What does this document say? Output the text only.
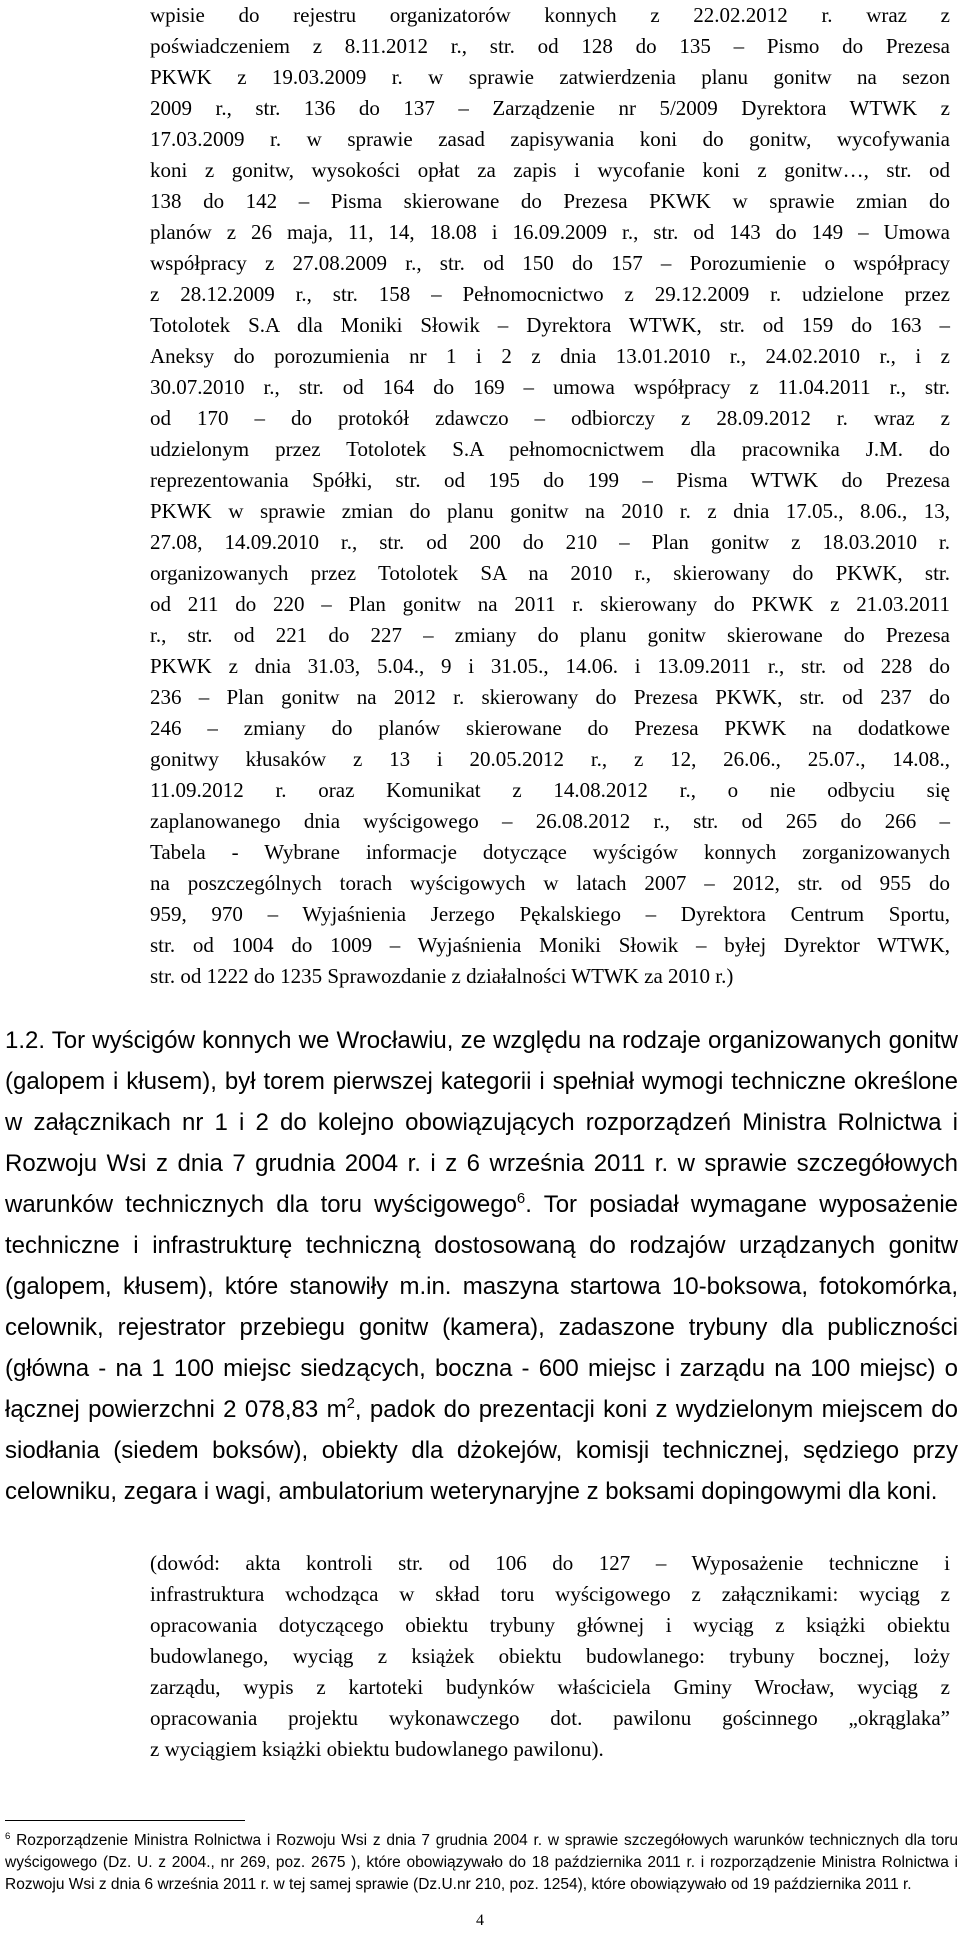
wpisie do rejestru organizatorów konnych z 22.02.2012 r. wraz z

poświadczeniem z 8.11.2012 r., str. od 128 do 135 – Pismo do Prezesa

PKWK z 19.03.2009 r. w sprawie zatwierdzenia planu gonitw na sezon

2009 r., str. 136 do 137 – Zarządzenie nr 5/2009 Dyrektora WTWK z

17.03.2009 r. w sprawie zasad zapisywania koni do gonitw, wycofywania

koni z gonitw, wysokości opłat za zapis i wycofanie koni z gonitw…, str. od

138 do 142 – Pisma skierowane do Prezesa PKWK w sprawie zmian do

planów z 26 maja, 11, 14, 18.08 i 16.09.2009 r., str. od 143 do 149 – Umowa

współpracy z 27.08.2009 r., str. od 150 do 157 – Porozumienie o współpracy

z 28.12.2009 r., str. 158 – Pełnomocnictwo z 29.12.2009 r. udzielone przez

Totolotek S.A dla Moniki Słowik – Dyrektora WTWK, str. od 159 do 163 –

Aneksy do porozumienia nr 1 i 2 z dnia 13.01.2010 r., 24.02.2010 r., i z

30.07.2010 r., str. od 164 do 169 – umowa współpracy z 11.04.2011 r., str.

od 170 – do protokół zdawczo – odbiorczy z 28.09.2012 r. wraz z

udzielonym przez Totolotek S.A pełnomocnictwem dla pracownika J.M. do

reprezentowania Spółki, str. od 195 do 199 – Pisma WTWK do Prezesa

PKWK w sprawie zmian do planu gonitw na 2010 r. z dnia 17.05., 8.06., 13,

27.08, 14.09.2010 r., str. od 200 do 210 – Plan gonitw z 18.03.2010 r.

organizowanych przez Totolotek SA na 2010 r., skierowany do PKWK, str.

od 211 do 220 – Plan gonitw na 2011 r. skierowany do PKWK z 21.03.2011

r., str. od 221 do 227 – zmiany do planu gonitw skierowane do Prezesa

PKWK z dnia 31.03, 5.04., 9 i 31.05., 14.06. i 13.09.2011 r., str. od 228 do

236 – Plan gonitw na 2012 r. skierowany do Prezesa PKWK, str. od 237 do

246 – zmiany do planów skierowane do Prezesa PKWK na dodatkowe

gonitwy kłusaków z 13 i 20.05.2012 r., z 12, 26.06., 25.07., 14.08.,

11.09.2012 r. oraz Komunikat z 14.08.2012 r., o nie odbyciu się

zaplanowanego dnia wyścigowego – 26.08.2012 r., str. od 265 do 266 –

Tabela - Wybrane informacje dotyczące wyścigów konnych zorganizowanych

na poszczególnych torach wyścigowych w latach 2007 – 2012, str. od 955 do

959, 970 – Wyjaśnienia Jerzego Pękalskiego – Dyrektora Centrum Sportu,

str. od 1004 do 1009 – Wyjaśnienia Moniki Słowik – byłej Dyrektor WTWK,

str. od 1222 do 1235 Sprawozdanie z działalności WTWK za 2010 r.)

1.2. Tor wyścigów konnych we Wrocławiu, ze względu na rodzaje organizowanych gonitw (galopem i kłusem), był torem pierwszej kategorii i spełniał wymogi techniczne określone w załącznikach nr 1 i 2 do kolejno obowiązujących rozporządzeń Ministra Rolnictwa i Rozwoju Wsi z dnia 7 grudnia 2004 r. i z 6 września 2011 r. w sprawie szczegółowych warunków technicznych dla toru wyścigowego$^6$. Tor posiadał wymagane wyposażenie techniczne i infrastrukturę techniczną dostosowaną do rodzajów urządzanych gonitw (galopem, kłusem), które stanowiły m.in. maszyna startowa 10-boksowa, fotokomórka, celownik, rejestrator przebiegu gonitw (kamera), zadaszone trybuny dla publiczności (główna - na 1 100 miejsc siedzących, boczna - 600 miejsc i zarządu na 100 miejsc) o łącznej powierzchni 2 078,83 $m^2$, padok do prezentacji koni z wydzielonym miejscem do siodłania (siedem boksów), obiekty dla dżokejów, komisji technicznej, sędziego przy celowniku, zegara i wagi, ambulatorium weterynaryjne z boksami dopingowymi dla koni.

(dowód: akta kontroli str. od 106 do 127 – Wyposażenie techniczne i

infrastruktura wchodząca w skład toru wyścigowego z załącznikami: wyciąg z

opracowania dotyczącego obiektu trybuny głównej i wyciąg z książki obiektu

budowlanego, wyciąg z książek obiektu budowlanego: trybuny bocznej, loży

zarządu, wypis z kartoteki budynków właściciela Gminy Wrocław, wyciąg z

opracowania projektu wykonawczego dot. pawilonu gościnnego „okrąglaka”

z wyciągiem książki obiektu budowlanego pawilonu).

$^6$ Rozporządzenie Ministra Rolnictwa i Rozwoju Wsi z dnia 7 grudnia 2004 r. w sprawie szczegółowych warunków technicznych dla toru wyścigowego (Dz. U. z 2004., nr 269, poz. 2675 ), które obowiązywało do 18 października 2011 r. i rozporządzenie Ministra Rolnictwa i Rozwoju Wsi z dnia 6 września 2011 r. w tej samej sprawie (Dz.U.nr 210, poz. 1254), które obowiązywało od 19 października 2011 r.

4
